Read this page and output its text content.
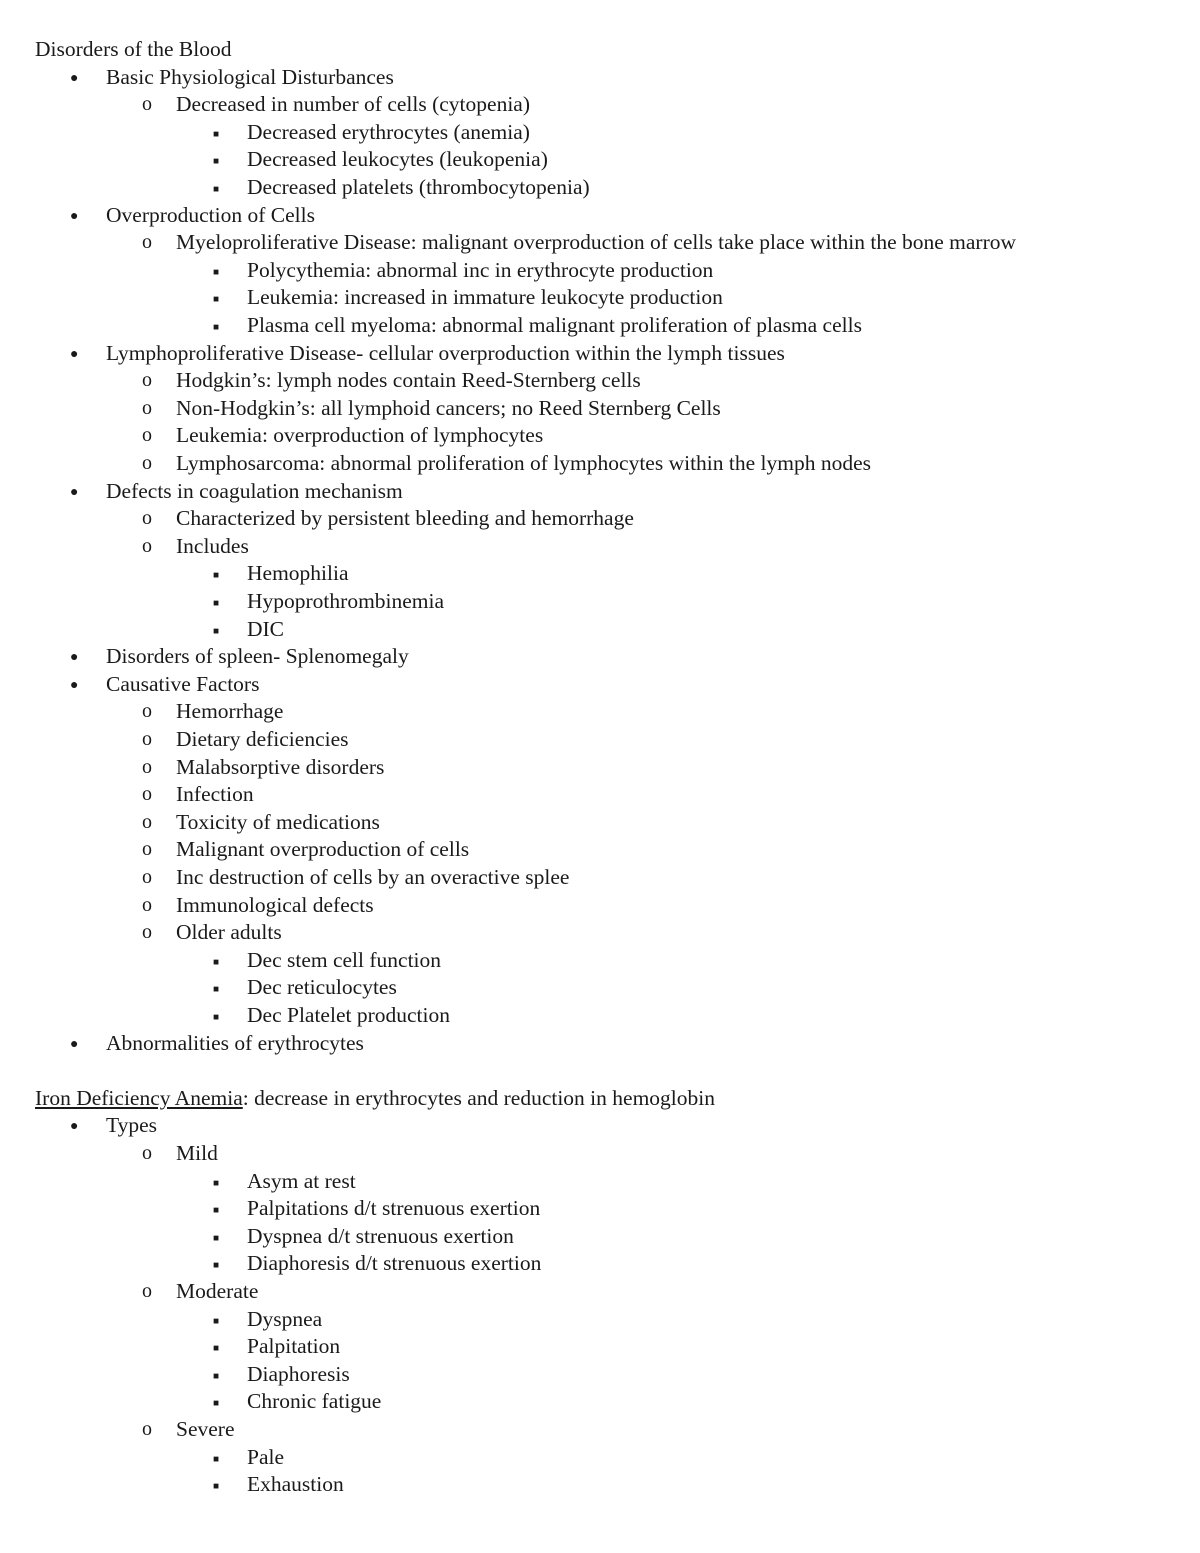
Disorders of the Blood
● Basic Physiological Disturbances
o Decreased in number of cells (cytopenia)
■ Decreased erythrocytes (anemia)
■ Decreased leukocytes (leukopenia)
■ Decreased platelets (thrombocytopenia)
● Overproduction of Cells
o Myeloproliferative Disease: malignant overproduction of cells take place within the bone marrow
■ Polycythemia: abnormal inc in erythrocyte production
■ Leukemia: increased in immature leukocyte production
■ Plasma cell myeloma: abnormal malignant proliferation of plasma cells
● Lymphoproliferative Disease- cellular overproduction within the lymph tissues
o Hodgkin’s: lymph nodes contain Reed-Sternberg cells
o Non-Hodgkin’s: all lymphoid cancers; no Reed Sternberg Cells
o Leukemia: overproduction of lymphocytes
o Lymphosarcoma: abnormal proliferation of lymphocytes within the lymph nodes
● Defects in coagulation mechanism
o Characterized by persistent bleeding and hemorrhage
o Includes
■ Hemophilia
■ Hypoprothrombinemia
■ DIC
● Disorders of spleen- Splenomegaly
● Causative Factors
o Hemorrhage
o Dietary deficiencies
o Malabsorptive disorders
o Infection
o Toxicity of medications
o Malignant overproduction of cells
o Inc destruction of cells by an overactive splee
o Immunological defects
o Older adults
■ Dec stem cell function
■ Dec reticulocytes
■ Dec Platelet production
● Abnormalities of erythrocytes
Iron Deficiency Anemia: decrease in erythrocytes and reduction in hemoglobin
● Types
o Mild
■ Asym at rest
■ Palpitations d/t strenuous exertion
■ Dyspnea d/t strenuous exertion
■ Diaphoresis d/t strenuous exertion
o Moderate
■ Dyspnea
■ Palpitation
■ Diaphoresis
■ Chronic fatigue
o Severe
■ Pale
■ Exhaustion
